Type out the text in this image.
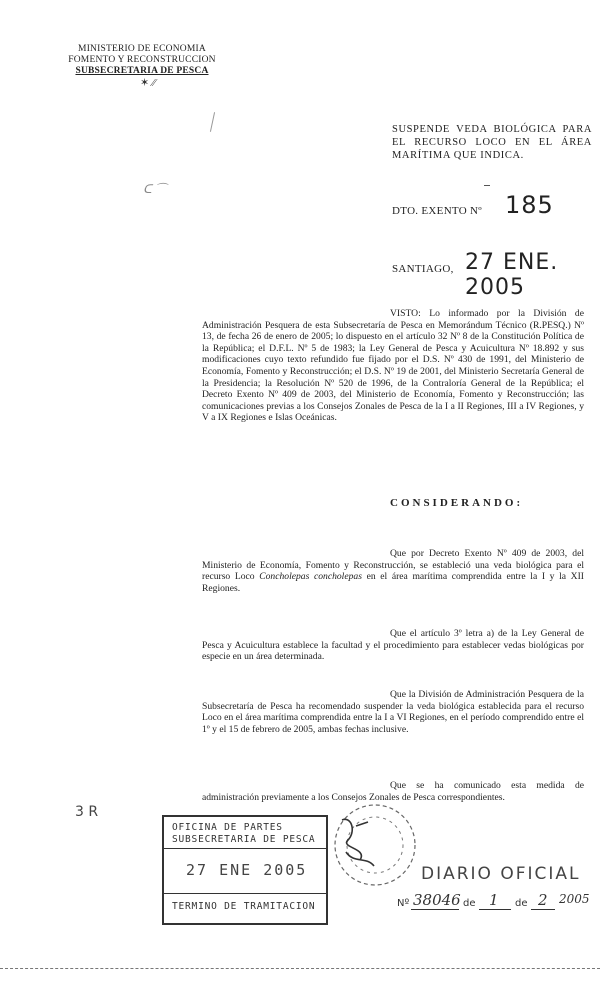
MINISTERIO DE ECONOMIA
FOMENTO Y RECONSTRUCCION
SUBSECRETARIA DE PESCA
✶ ⁄⁄
ᑕ ⌒
SUSPENDE VEDA BIOLÓGICA PARA EL RECURSO LOCO EN EL ÁREA MARÍTIMA QUE INDICA.
DTO. EXENTO Nº 185
SANTIAGO, 27 ENE. 2005
VISTO: Lo informado por la División de Administración Pesquera de esta Subsecretaría de Pesca en Memorándum Técnico (R.PESQ.) Nº 13, de fecha 26 de enero de 2005; lo dispuesto en el artículo 32 Nº 8 de la Constitución Política de la República; el D.F.L. Nº 5 de 1983; la Ley General de Pesca y Acuicultura Nº 18.892 y sus modificaciones cuyo texto refundido fue fijado por el D.S. Nº 430 de 1991, del Ministerio de Economía, Fomento y Reconstrucción; el D.S. Nº 19 de 2001, del Ministerio Secretaría General de la Presidencia; la Resolución Nº 520 de 1996, de la Contraloría General de la República; el Decreto Exento Nº 409 de 2003, del Ministerio de Economía, Fomento y Reconstrucción; las comunicaciones previas a los Consejos Zonales de Pesca de la I a II Regiones, III a IV Regiones, y V a IX Regiones e Islas Oceánicas.
CONSIDERANDO:
Que por Decreto Exento Nº 409 de 2003, del Ministerio de Economía, Fomento y Reconstrucción, se estableció una veda biológica para el recurso Loco Concholepas concholepas en el área marítima comprendida entre la I y la XII Regiones.
Que el artículo 3º letra a) de la Ley General de Pesca y Acuicultura establece la facultad y el procedimiento para establecer vedas biológicas por especie en un área determinada.
Que la División de Administración Pesquera de la Subsecretaría de Pesca ha recomendado suspender la veda biológica establecida para el recurso Loco en el área marítima comprendida entre la I a VI Regiones, en el período comprendido entre el 1º y el 15 de febrero de 2005, ambas fechas inclusive.
Que se ha comunicado esta medida de administración previamente a los Consejos Zonales de Pesca correspondientes.
3 R
OFICINA DE PARTES
SUBSECRETARIA DE PESCA
27 ENE 2005
TERMINO DE TRAMITACION
DIARIO OFICIAL
Nº 38046 de 1 de 2 2005
